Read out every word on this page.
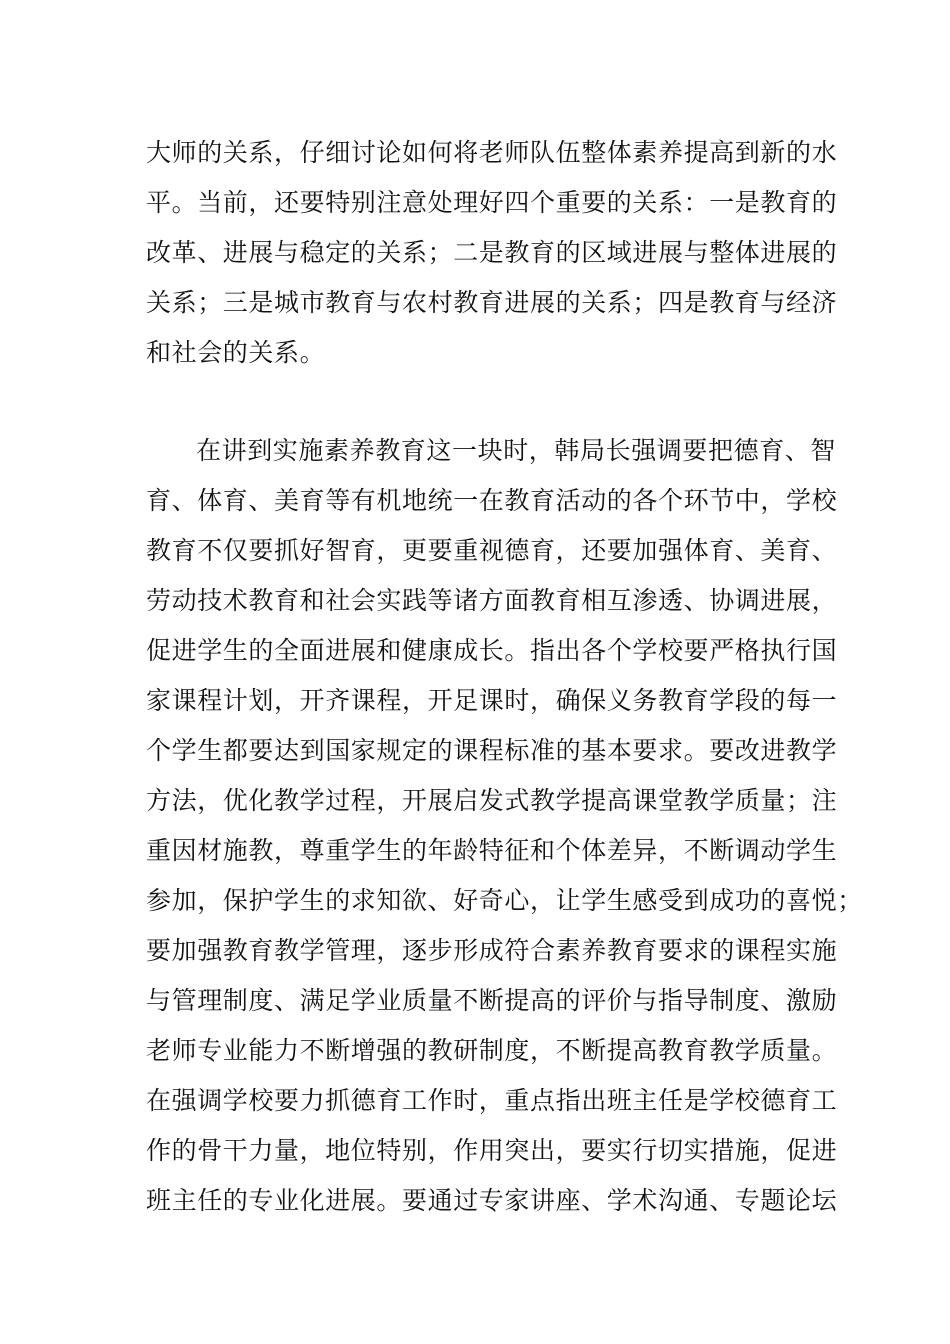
大师的关系，仔细讨论如何将老师队伍整体素养提高到新的水
平。当前，还要特别注意处理好四个重要的关系：一是教育的
改革、进展与稳定的关系；二是教育的区域进展与整体进展的
关系；三是城市教育与农村教育进展的关系；四是教育与经济
和社会的关系。
在讲到实施素养教育这一块时，韩局长强调要把德育、智
育、体育、美育等有机地统一在教育活动的各个环节中，学校
教育不仅要抓好智育，更要重视德育，还要加强体育、美育、
劳动技术教育和社会实践等诸方面教育相互渗透、协调进展，
促进学生的全面进展和健康成长。指出各个学校要严格执行国
家课程计划，开齐课程，开足课时，确保义务教育学段的每一
个学生都要达到国家规定的课程标准的基本要求。要改进教学
方法，优化教学过程，开展启发式教学提高课堂教学质量；注
重因材施教，尊重学生的年龄特征和个体差异，不断调动学生
参加，保护学生的求知欲、好奇心，让学生感受到成功的喜悦；
要加强教育教学管理，逐步形成符合素养教育要求的课程实施
与管理制度、满足学业质量不断提高的评价与指导制度、激励
老师专业能力不断增强的教研制度，不断提高教育教学质量。
在强调学校要力抓德育工作时，重点指出班主任是学校德育工
作的骨干力量，地位特别，作用突出，要实行切实措施，促进
班主任的专业化进展。要通过专家讲座、学术沟通、专题论坛
